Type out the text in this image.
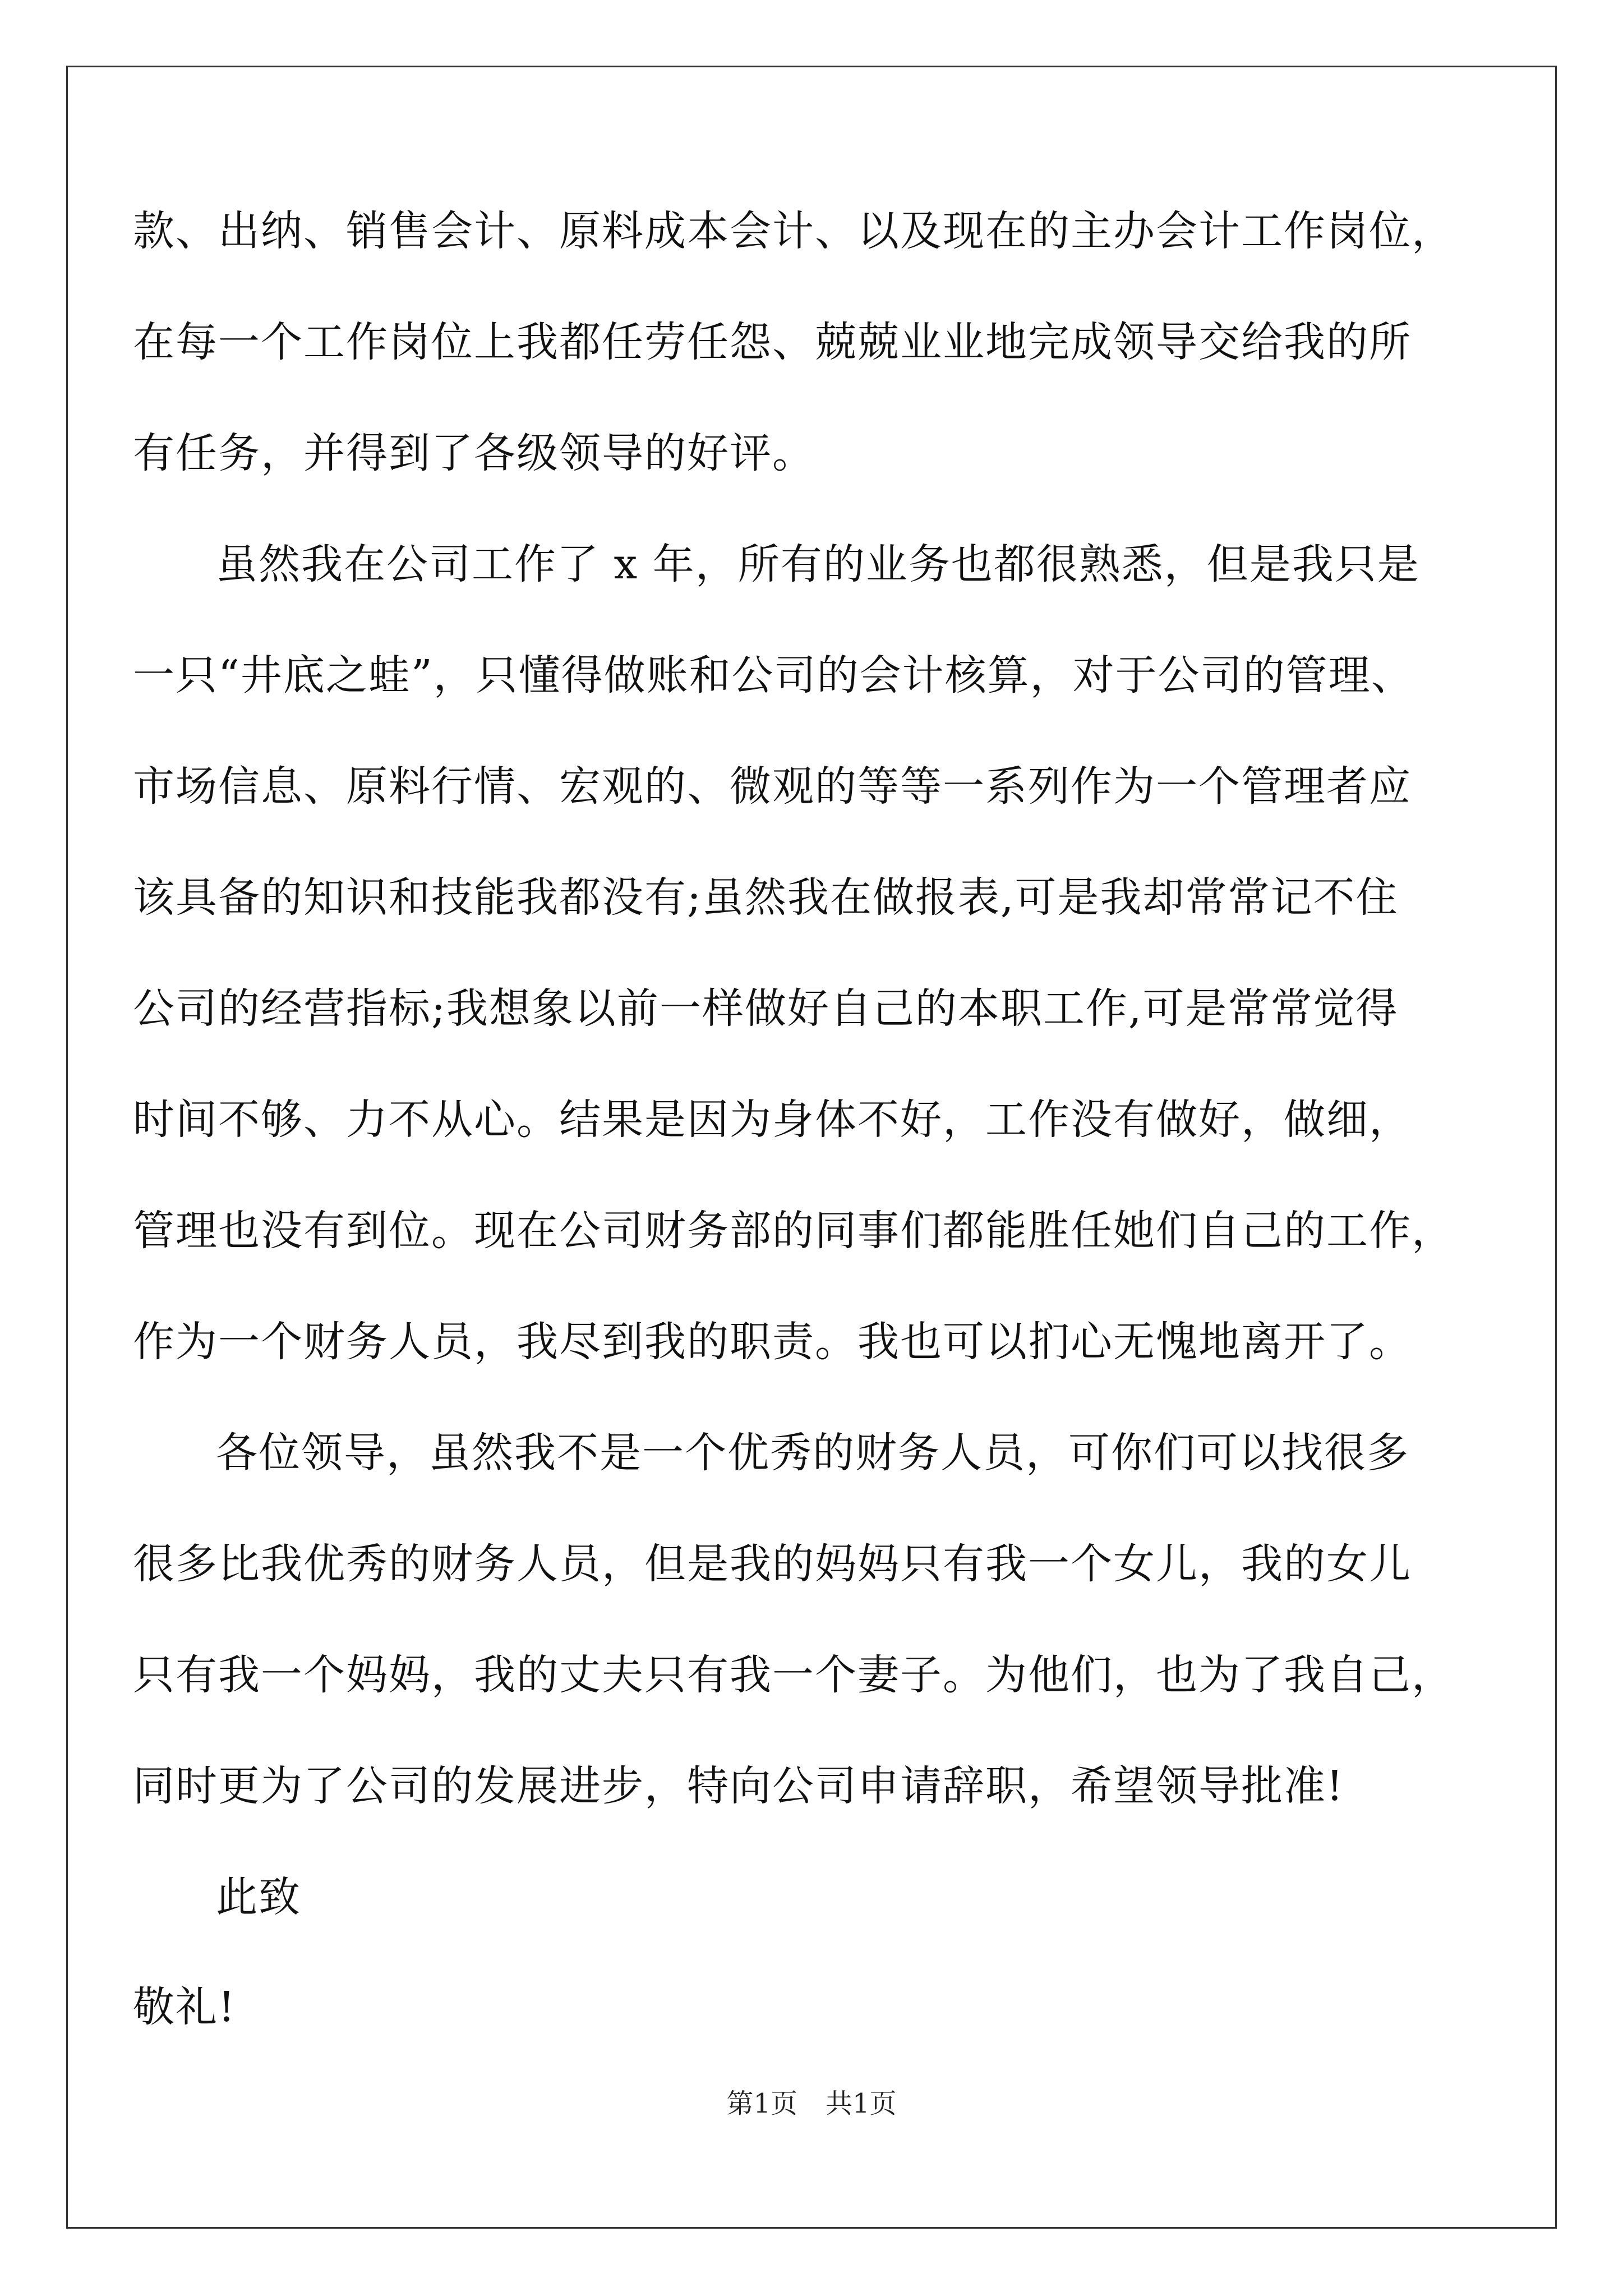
款、出纳、销售会计、原料成本会计、以及现在的主办会计工作岗位，
在每一个工作岗位上我都任劳任怨、兢兢业业地完成领导交给我的所
有任务，并得到了各级领导的好评。
虽然我在公司工作了 x 年，所有的业务也都很熟悉，但是我只是
一只“井底之蛙”，只懂得做账和公司的会计核算，对于公司的管理、
市场信息、原料行情、宏观的、微观的等等一系列作为一个管理者应
该具备的知识和技能我都没有;虽然我在做报表,可是我却常常记不住
公司的经营指标;我想象以前一样做好自己的本职工作,可是常常觉得
时间不够、力不从心。结果是因为身体不好，工作没有做好，做细，
管理也没有到位。现在公司财务部的同事们都能胜任她们自己的工作，
作为一个财务人员，我尽到我的职责。我也可以扪心无愧地离开了。
各位领导，虽然我不是一个优秀的财务人员，可你们可以找很多
很多比我优秀的财务人员，但是我的妈妈只有我一个女儿，我的女儿
只有我一个妈妈，我的丈夫只有我一个妻子。为他们，也为了我自己，
同时更为了公司的发展进步，特向公司申请辞职，希望领导批准!
此致
敬礼!
第1页 共1页
